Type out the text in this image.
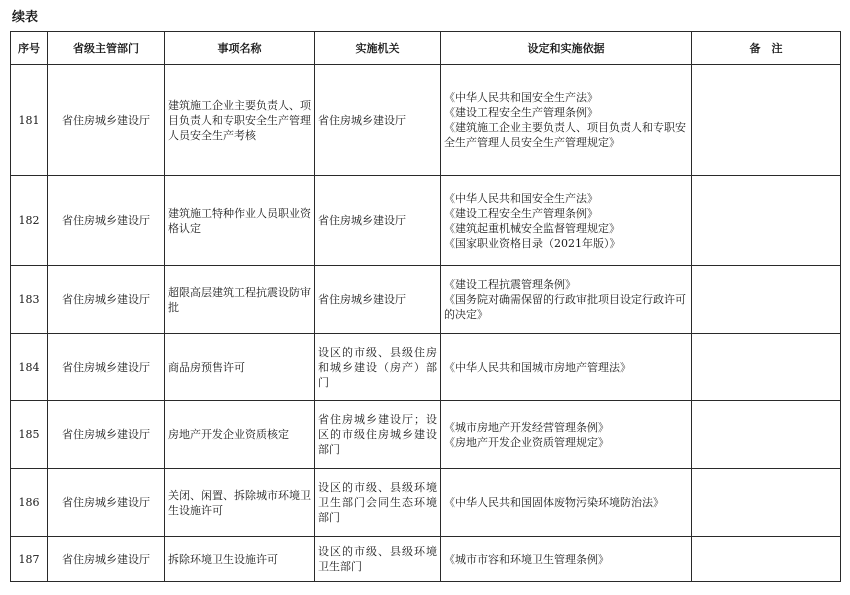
续表
序号	省级主管部门	事项名称	实施机关	设定和实施依据	备　注
181	省住房城乡建设厅	建筑施工企业主要负责人、项目负责人和专职安全生产管理人员安全生产考核	省住房城乡建设厅	《中华人民共和国安全生产法》
《建设工程安全生产管理条例》
《建筑施工企业主要负责人、项目负责人和专职安全生产管理人员安全生产管理规定》	

182	省住房城乡建设厅	建筑施工特种作业人员职业资格认定	省住房城乡建设厅	《中华人民共和国安全生产法》
《建设工程安全生产管理条例》
《建筑起重机械安全监督管理规定》
《国家职业资格目录（2021年版）》	

183	省住房城乡建设厅	超限高层建筑工程抗震设防审批	省住房城乡建设厅	《建设工程抗震管理条例》
《国务院对确需保留的行政审批项目设定行政许可的决定》	

184	省住房城乡建设厅	商品房预售许可	设区的市级、县级住房和城乡建设（房产）部门	《中华人民共和国城市房地产管理法》	

185	省住房城乡建设厅	房地产开发企业资质核定	省住房城乡建设厅；设区的市级住房城乡建设部门	《城市房地产开发经营管理条例》
《房地产开发企业资质管理规定》	

186	省住房城乡建设厅	关闭、闲置、拆除城市环境卫生设施许可	设区的市级、县级环境卫生部门会同生态环境部门	《中华人民共和国固体废物污染环境防治法》	

187	省住房城乡建设厅	拆除环境卫生设施许可	设区的市级、县级环境卫生部门	《城市市容和环境卫生管理条例》	
